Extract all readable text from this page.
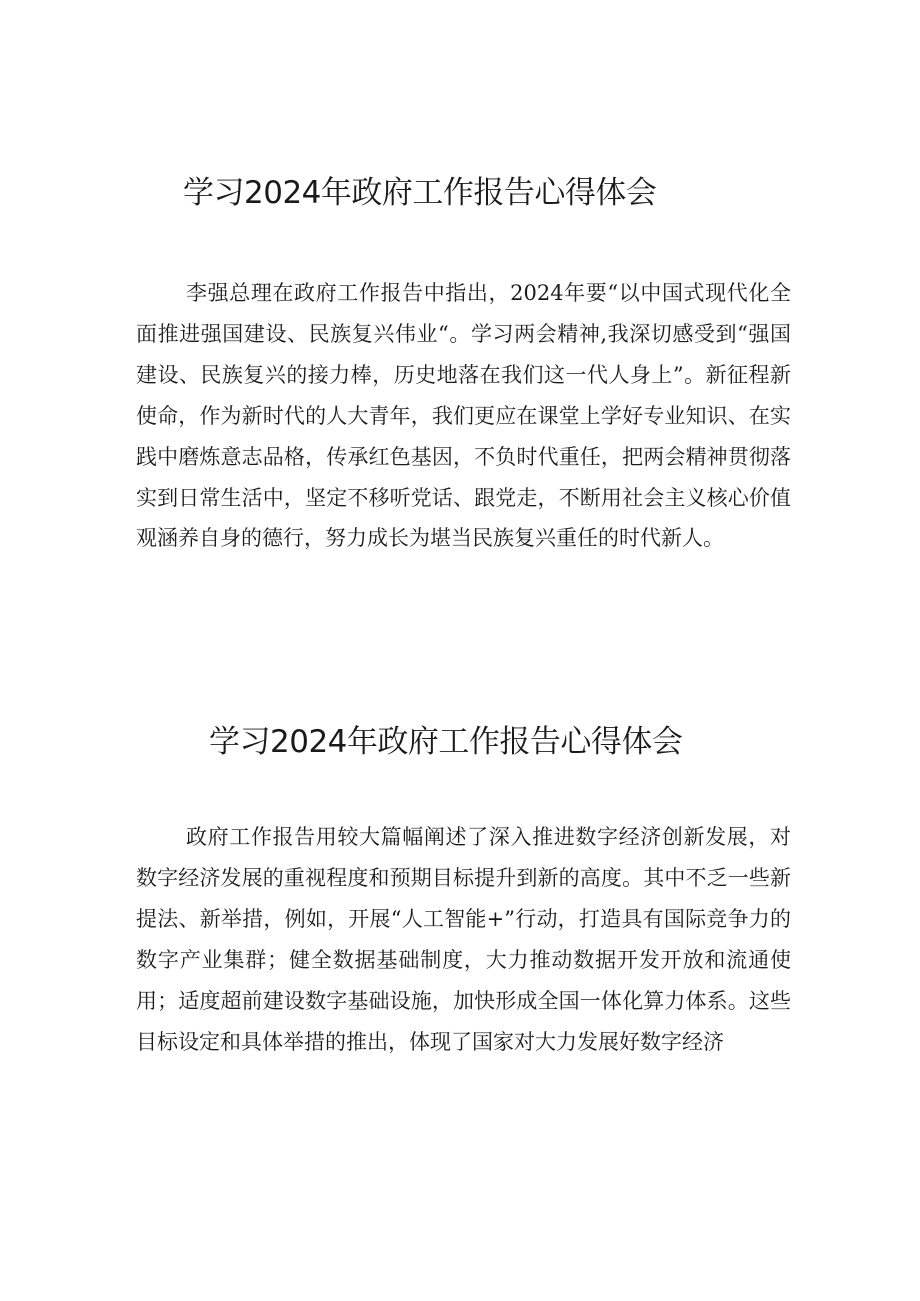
学习2024年政府工作报告心得体会

李强总理在政府工作报告中指出，2024年要“以中国式现代化全面推进强国建设、民族复兴伟业“。学习两会精神,我深切感受到“强国建设、民族复兴的接力棒，历史地落在我们这一代人身上”。新征程新使命，作为新时代的人大青年，我们更应在课堂上学好专业知识、在实践中磨炼意志品格，传承红色基因，不负时代重任，把两会精神贯彻落实到日常生活中，坚定不移听党话、跟党走，不断用社会主义核心价值观涵养自身的德行，努力成长为堪当民族复兴重任的时代新人。

学习2024年政府工作报告心得体会

政府工作报告用较大篇幅阐述了深入推进数字经济创新发展，对数字经济发展的重视程度和预期目标提升到新的高度。其中不乏一些新提法、新举措，例如，开展“人工智能+”行动，打造具有国际竞争力的数字产业集群；健全数据基础制度，大力推动数据开发开放和流通使用；适度超前建设数字基础设施，加快形成全国一体化算力体系。这些目标设定和具体举措的推出，体现了国家对大力发展好数字经济
